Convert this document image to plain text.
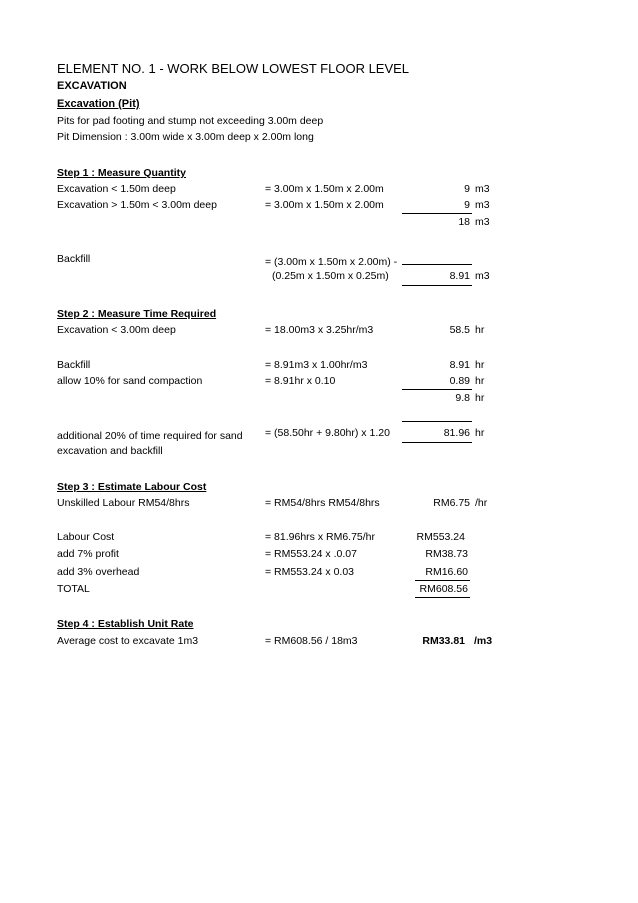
ELEMENT NO. 1 - WORK BELOW LOWEST FLOOR LEVEL
EXCAVATION
Excavation (Pit)
Pits for pad footing and stump not exceeding 3.00m deep
Pit Dimension : 3.00m wide x 3.00m deep x 2.00m long
Step 1 : Measure Quantity
Excavation < 1.50m deep	= 3.00m x 1.50m x 2.00m	9 m3
Excavation > 1.50m < 3.00m deep	= 3.00m x 1.50m x 2.00m	9 m3
18 m3
Backfill	= (3.00m x 1.50m x 2.00m) -
(0.25m x 1.50m x 0.25m)	8.91 m3
Step 2 : Measure Time Required
Excavation < 3.00m deep	= 18.00m3 x 3.25hr/m3	58.5 hr
Backfill	= 8.91m3 x 1.00hr/m3	8.91 hr
allow 10% for sand compaction	= 8.91hr x 0.10	0.89 hr
9.8 hr
additional 20% of time required for sand
excavation and backfill
= (58.50hr + 9.80hr) x 1.20	81.96 hr
Step 3 : Estimate Labour Cost
Unskilled Labour RM54/8hrs	= RM54/8hrs RM54/8hrs	RM6.75 /hr
Labour Cost	= 81.96hrs x RM6.75/hr	RM553.24
add 7% profit	= RM553.24 x .0.07	RM38.73
add 3% overhead	= RM553.24 x 0.03	RM16.60
TOTAL	RM608.56
Step 4 : Establish Unit Rate
Average cost to excavate 1m3	= RM608.56 / 18m3	RM33.81 /m3
